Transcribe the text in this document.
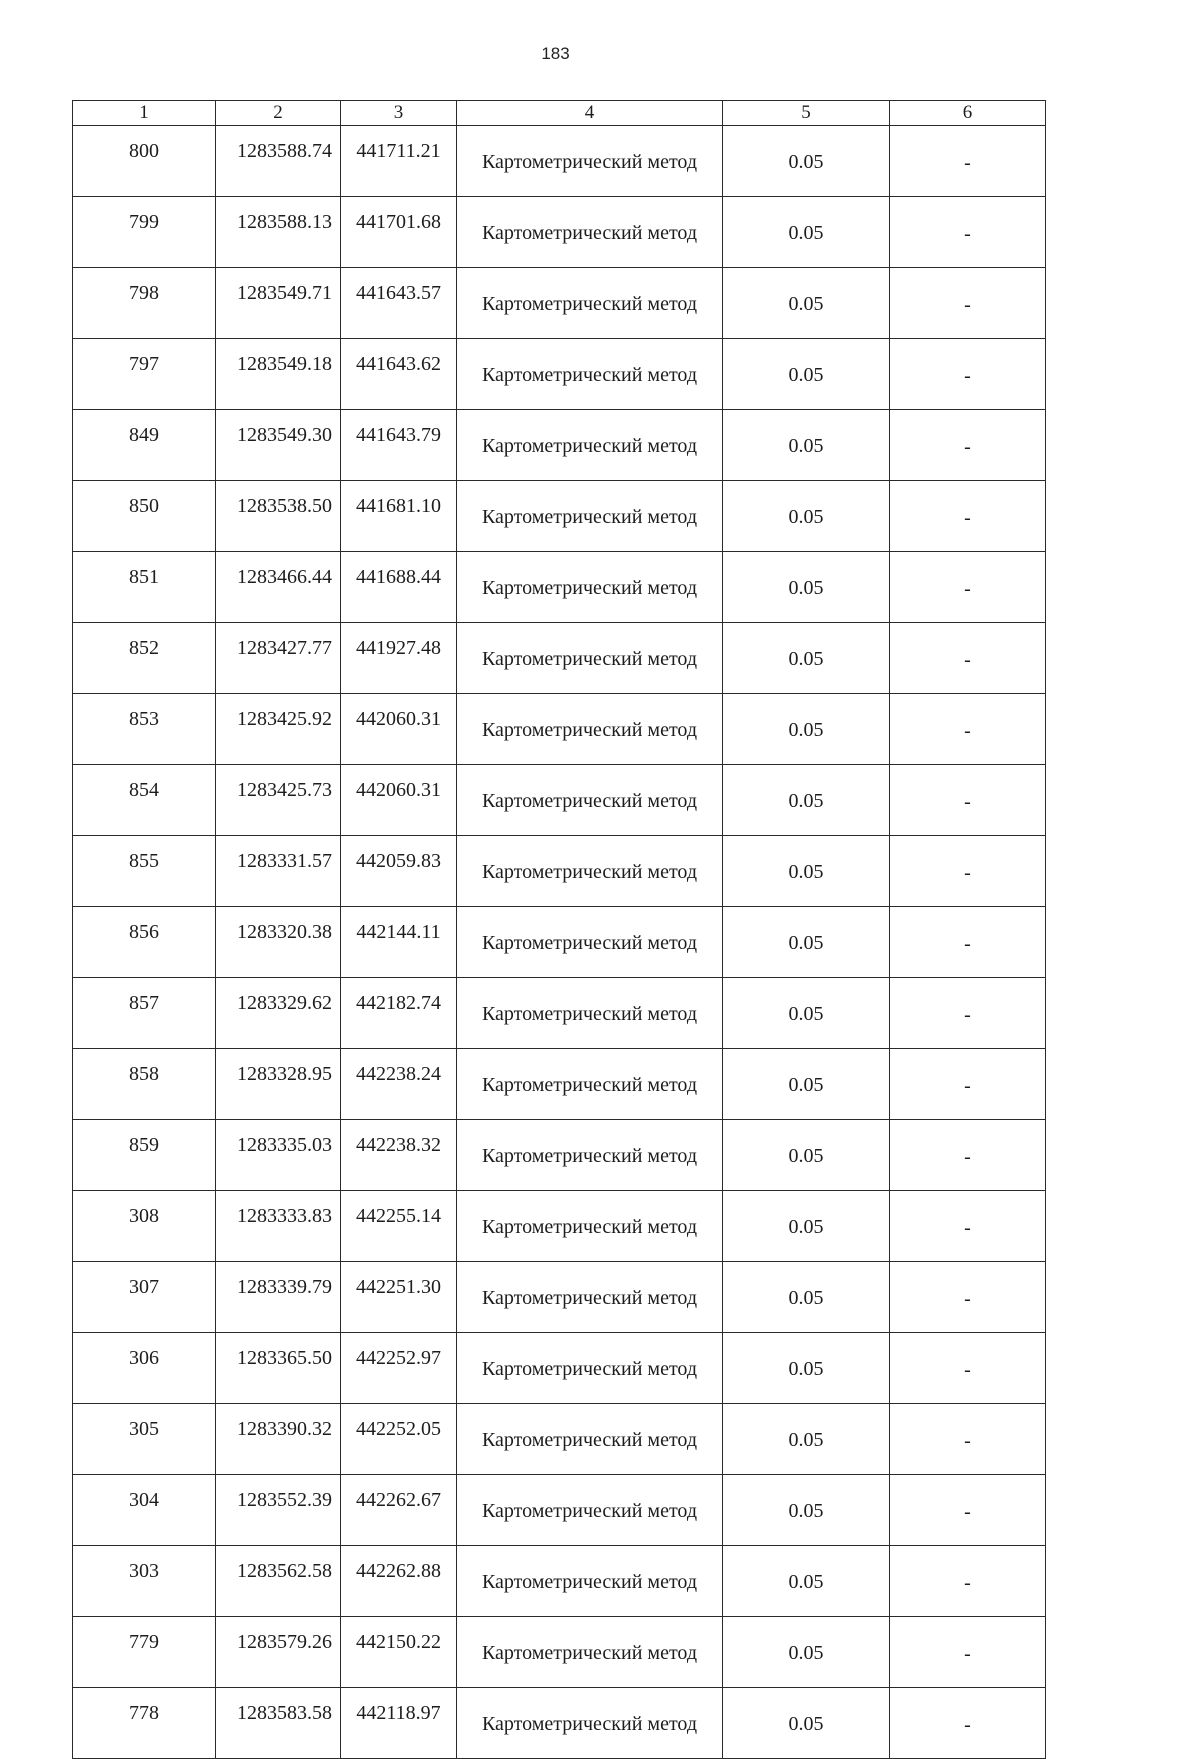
183
1	2	3	4	5	6
800	1283588.74	441711.21	Картометрический метод	0.05	-
799	1283588.13	441701.68	Картометрический метод	0.05	-
798	1283549.71	441643.57	Картометрический метод	0.05	-
797	1283549.18	441643.62	Картометрический метод	0.05	-
849	1283549.30	441643.79	Картометрический метод	0.05	-
850	1283538.50	441681.10	Картометрический метод	0.05	-
851	1283466.44	441688.44	Картометрический метод	0.05	-
852	1283427.77	441927.48	Картометрический метод	0.05	-
853	1283425.92	442060.31	Картометрический метод	0.05	-
854	1283425.73	442060.31	Картометрический метод	0.05	-
855	1283331.57	442059.83	Картометрический метод	0.05	-
856	1283320.38	442144.11	Картометрический метод	0.05	-
857	1283329.62	442182.74	Картометрический метод	0.05	-
858	1283328.95	442238.24	Картометрический метод	0.05	-
859	1283335.03	442238.32	Картометрический метод	0.05	-
308	1283333.83	442255.14	Картометрический метод	0.05	-
307	1283339.79	442251.30	Картометрический метод	0.05	-
306	1283365.50	442252.97	Картометрический метод	0.05	-
305	1283390.32	442252.05	Картометрический метод	0.05	-
304	1283552.39	442262.67	Картометрический метод	0.05	-
303	1283562.58	442262.88	Картометрический метод	0.05	-
779	1283579.26	442150.22	Картометрический метод	0.05	-
778	1283583.58	442118.97	Картометрический метод	0.05	-
